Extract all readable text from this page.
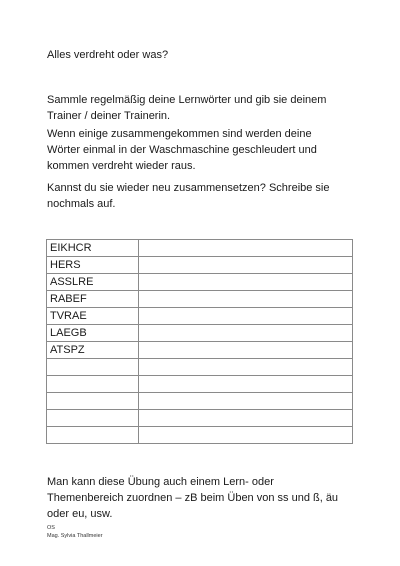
Alles verdreht oder was?
Sammle regelmäßig deine Lernwörter und gib sie deinem Trainer / deiner Trainerin.
Wenn einige zusammengekommen sind werden deine Wörter einmal in der Waschmaschine geschleudert und kommen verdreht wieder raus.
Kannst du sie wieder neu zusammensetzen? Schreibe sie nochmals auf.
EIKHCR	
HERS	
ASSLRE	
RABEF	
TVRAE	
LAEGB	
ATSPZ	

Man kann diese Übung auch einem Lern- oder Themenbereich zuordnen – zB beim Üben von ss und ß, äu oder eu, usw.
OS
Mag. Sylvia Thallmeier
